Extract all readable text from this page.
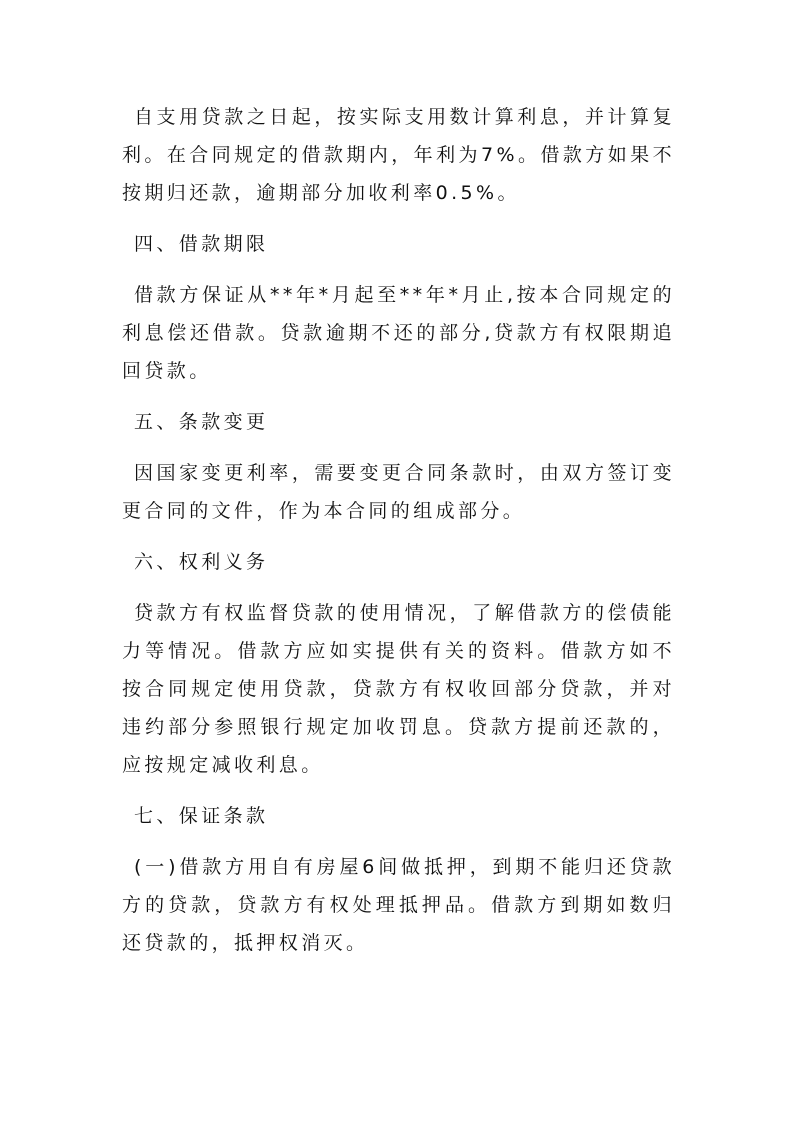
自支用贷款之日起，按实际支用数计算利息，并计算复利。在合同规定的借款期内，年利为7%。借款方如果不按期归还款，逾期部分加收利率0.5%。

四、借款期限

借款方保证从**年*月起至**年*月止,按本合同规定的利息偿还借款。贷款逾期不还的部分,贷款方有权限期追回贷款。

五、条款变更

因国家变更利率，需要变更合同条款时，由双方签订变更合同的文件，作为本合同的组成部分。

六、权利义务

贷款方有权监督贷款的使用情况，了解借款方的偿债能力等情况。借款方应如实提供有关的资料。借款方如不按合同规定使用贷款，贷款方有权收回部分贷款，并对违约部分参照银行规定加收罚息。贷款方提前还款的，应按规定减收利息。

七、保证条款

(一)借款方用自有房屋6间做抵押，到期不能归还贷款方的贷款，贷款方有权处理抵押品。借款方到期如数归还贷款的，抵押权消灭。
